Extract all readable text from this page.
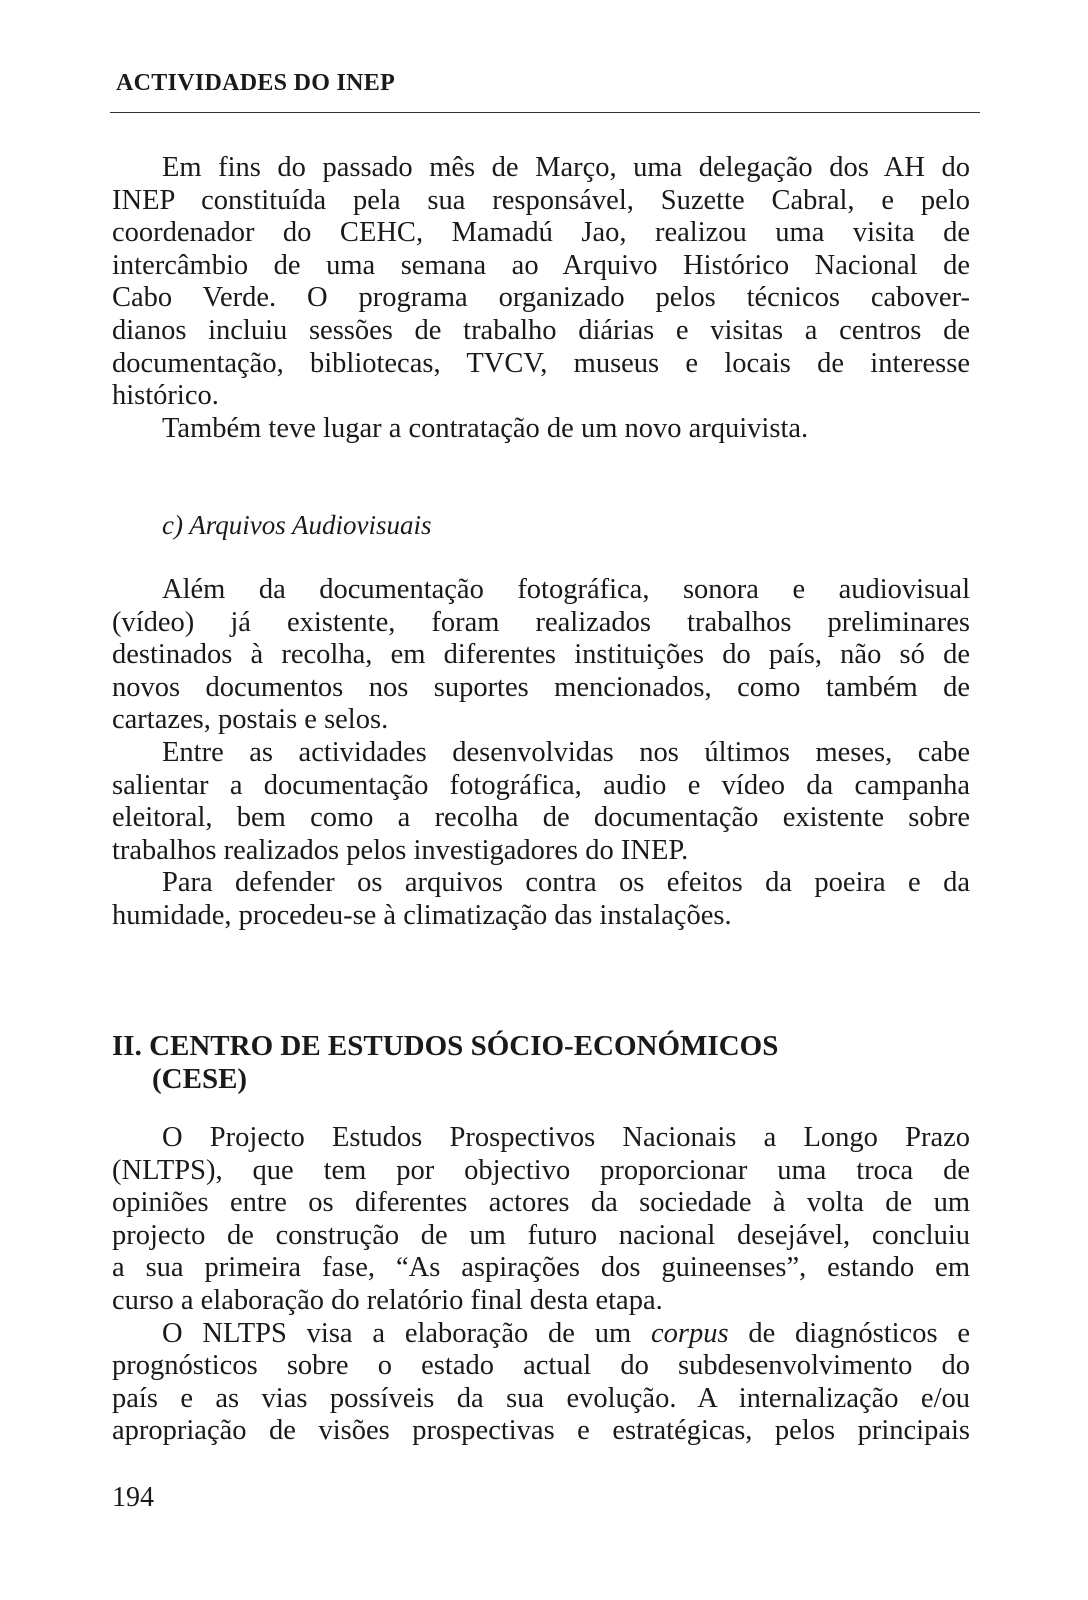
ACTIVIDADES DO INEP
Em fins do passado mês de Março, uma delegação dos AH do
INEP constituída pela sua responsável, Suzette Cabral, e pelo
coordenador do CEHC, Mamadú Jao, realizou uma visita de
intercâmbio de uma semana ao Arquivo Histórico Nacional de
Cabo Verde. O programa organizado pelos técnicos cabover-
dianos incluiu sessões de trabalho diárias e visitas a centros de
documentação, bibliotecas, TVCV, museus e locais de interesse
histórico.
Também teve lugar a contratação de um novo arquivista.
c) Arquivos Audiovisuais
Além da documentação fotográfica, sonora e audiovisual
(vídeo) já existente, foram realizados trabalhos preliminares
destinados à recolha, em diferentes instituições do país, não só de
novos documentos nos suportes mencionados, como também de
cartazes, postais e selos.
Entre as actividades desenvolvidas nos últimos meses, cabe
salientar a documentação fotográfica, audio e vídeo da campanha
eleitoral, bem como a recolha de documentação existente sobre
trabalhos realizados pelos investigadores do INEP.
Para defender os arquivos contra os efeitos da poeira e da
humidade, procedeu-se à climatização das instalações.
II. CENTRO DE ESTUDOS SÓCIO-ECONÓMICOS
(CESE)
O Projecto Estudos Prospectivos Nacionais a Longo Prazo
(NLTPS), que tem por objectivo proporcionar uma troca de
opiniões entre os diferentes actores da sociedade à volta de um
projecto de construção de um futuro nacional desejável, concluiu
a sua primeira fase, “As aspirações dos guineenses”, estando em
curso a elaboração do relatório final desta etapa.
O NLTPS visa a elaboração de um corpus de diagnósticos e
prognósticos sobre o estado actual do subdesenvolvimento do
país e as vias possíveis da sua evolução. A internalização e/ou
apropriação de visões prospectivas e estratégicas, pelos principais
194
